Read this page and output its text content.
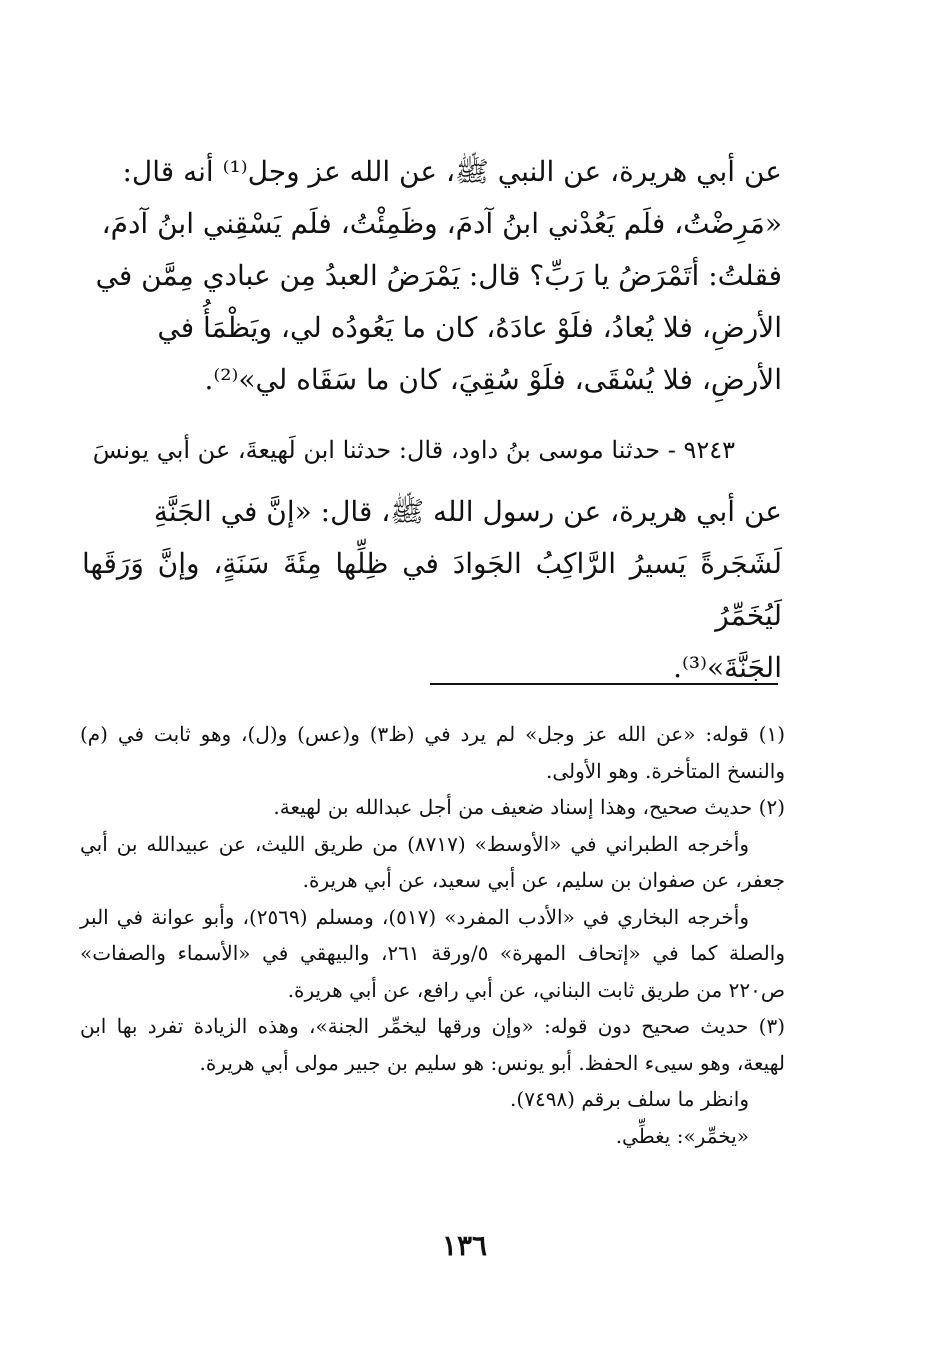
عن أبي هريرة، عن النبي ﷺ، عن الله عز وجل⁽¹⁾ أنه قال:

«مَرِضْتُ، فلَم يَعُدْني ابنُ آدمَ، وظَمِئْتُ، فلَم يَسْقِني ابنُ آدمَ،

فقلتُ: أتَمْرَضُ يا رَبِّ؟ قال: يَمْرَضُ العبدُ مِن عبادي مِمَّن في

الأرضِ، فلا يُعادُ، فلَوْ عادَهُ، كان ما يَعُودُه لي، ويَظْمَأُ في

الأرضِ، فلا يُسْقَى، فلَوْ سُقِيَ، كان ما سَقَاه لي»⁽²⁾.

٩٢٤٣ - حدثنا موسى بنُ داود، قال: حدثنا ابن لَهيعةَ، عن أبي يونسَ

عن أبي هريرة، عن رسول الله ﷺ، قال: «إنَّ في الجَنَّةِ

لَشَجَرةً يَسيرُ الرَّاكِبُ الجَوادَ في ظِلِّها مِئَةَ سَنَةٍ، وإنَّ وَرَقَها لَيُخَمِّرُ

الجَنَّةَ»⁽³⁾.

(١) قوله: «عن الله عز وجل» لم يرد في (ظ٣) و(عس) و(ل)، وهو ثابت في (م) والنسخ المتأخرة. وهو الأولى.

(٢) حديث صحيح، وهذا إسناد ضعيف من أجل عبدالله بن لهيعة.

وأخرجه الطبراني في «الأوسط» (٨٧١٧) من طريق الليث، عن عبيدالله بن أبي جعفر، عن صفوان بن سليم، عن أبي سعيد، عن أبي هريرة.

وأخرجه البخاري في «الأدب المفرد» (٥١٧)، ومسلم (٢٥٦٩)، وأبو عوانة في البر والصلة كما في «إتحاف المهرة» ٥/ورقة ٢٦١، والبيهقي في «الأسماء والصفات» ص٢٢٠ من طريق ثابت البناني، عن أبي رافع، عن أبي هريرة.

(٣) حديث صحيح دون قوله: «وإن ورقها ليخمِّر الجنة»، وهذه الزيادة تفرد بها ابن لهيعة، وهو سيىء الحفظ. أبو يونس: هو سليم بن جبير مولى أبي هريرة.

وانظر ما سلف برقم (٧٤٩٨).

«يخمِّر»: يغطِّي.

١٣٦
